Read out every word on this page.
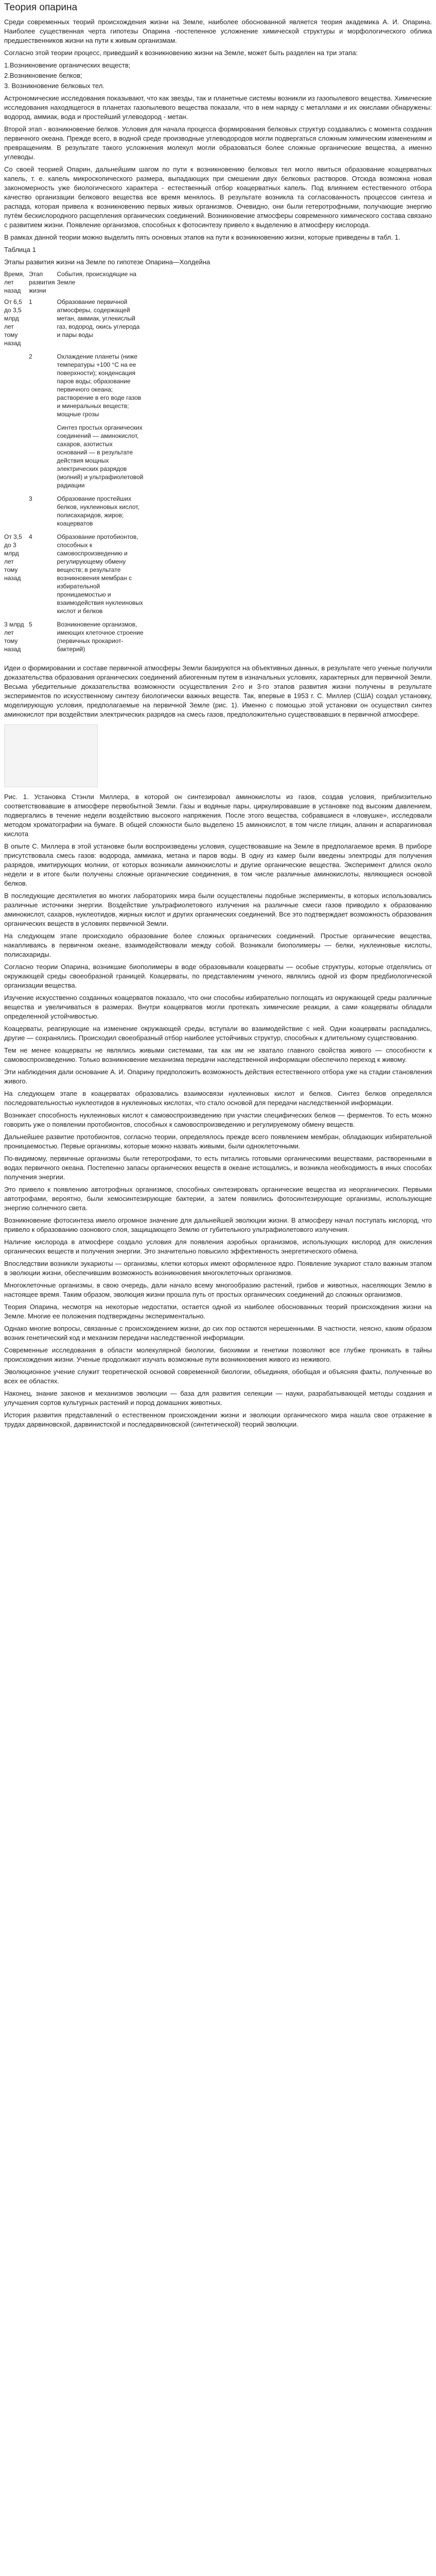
Теория опарина

Среди современных теорий происхождения жизни на Земле, наиболее обоснованной является теория академика А. И. Опарина. Наиболее существенная черта гипотезы Опарина -постепенное усложнение химической структуры и морфологического облика предшественников жизни на пути к живым организмам.

Согласно этой теории процесс, приведший к возникновению жизни на Земле, может быть разделен на три этапа:

1.Возникновение органических веществ;
2.Возникновение белков;
3. Возникновение белковых тел.

Астрономические исследования показывают, что как звезды, так и планетные системы возникли из газопылевого вещества. Химические исследования находящегося в планетах газопылевого вещества показали, что в нем наряду с металлами и их окислами обнаружены: водород, аммиак, вода и простейший углеводород - метан.

Второй этап - возникновение белков. Условия для начала процесса формирования белковых структур создавались с момента создания первичного океана. Прежде всего, в водной среде производные углеводородов могли подвергаться сложным химическим изменениям и превращениям. В результате такого усложнения молекул могли образоваться более сложные органические вещества, а именно углеводы.

Со своей теорией Опарин, дальнейшим шагом по пути к возникновению белковых тел могло явиться образование коацерватных капель, т. е. капель микроскопического размера, выпадающих при смешении двух белковых растворов. Отсюда возможна новая закономерность уже биологического характера - естественный отбор коацерватных капель. Под влиянием естественного отбора качество организации белкового вещества все время менялось. В результате возникла та согласованность процессов синтеза и распада, которая привела к возникновению первых живых организмов. Очевидно, они были гетеротрофными, получающие энергию путём бескислородного расщепления органических соединений. Возникновение атмосферы современного химического состава связано с развитием жизни. Появление организмов, способных к фотосинтезу привело к выделению в атмосферу кислорода.

В рамках данной теории можно выделить пять основных этапов на пути к возникновению жизни, которые приведены в табл. 1.

Таблица 1

Этапы развития жизни на Земле по гипотезе Опарина—Холдейна

Время, лет назад	Этап развития жизни	События, происходящие на Земле
От 6,5 до 3,5 млрд лет тому назад	1	Образование первичной атмосферы, содержащей метан, аммиак, углекислый газ, водород, окись углерода и пары воды
	2	Охлаждение планеты (ниже температуры +100 °С на ее поверхности); конденсация паров воды; образование первичного океана; растворение в его воде газов и минеральных веществ; мощные грозы
		Синтез простых органических соединений — аминокислот, сахаров, азотистых оснований — в результате действия мощных электрических разрядов (молний) и ультрафиолетовой радиации
	3	Образование простейших белков, нуклеиновых кислот, полисахаридов, жиров; коацерватов
От 3,5 до 3 млрд лет тому назад	4	Образование протобионтов, способных к самовоспроизведению и регулирующему обмену веществ; в результате возникновения мембран с избирательной проницаемостью и взаимодействия нуклеиновых кислот и белков
3 млрд лет тому назад	5	Возникновение организмов, имеющих клеточное строение (первичных прокариот-бактерий)

Идеи о формировании и составе первичной атмосферы Земли базируются на объективных данных, в результате чего ученые получили доказательства образования органических соединений абиогенным путем в изначальных условиях, характерных для первичной Земли. Весьма убедительные доказательства возможности осуществления 2-го и 3-го этапов развития жизни получены в результате экспериментов по искусственному синтезу биологически важных веществ. Так, впервые в 1953 г. С. Миллер (США) создал установку, моделирующую условия, предполагаемые на первичной Земле (рис. 1). Именно с помощью этой установки он осуществил синтез аминокислот при воздействии электрических разрядов на смесь газов, предположительно существовавших в первичной атмосфере.

Рис. 1. Установка Стэнли Миллера, в которой он синтезировал аминокислоты из газов, создав условия, приблизительно соответствовавшие в атмосфере первобытной Земли. Газы и водяные пары, циркулировавшие в установке под высоким давлением, подвергались в течение недели воздействию высокого напряжения. После этого вещества, собравшиеся в «ловушке», исследовали методом хроматографии на бумаге. В общей сложности было выделено 15 аминокислот, в том числе глицин, аланин и аспарагиновая кислота

В опыте С. Миллера в этой установке были воспроизведены условия, существовавшие на Земле в предполагаемое время. В приборе присутствовала смесь газов: водорода, аммиака, метана и паров воды. В одну из камер были введены электроды для получения разрядов, имитирующих молнии, от которых возникали аминокислоты и другие органические вещества. Эксперимент длился около недели и в итоге были получены сложные органические соединения, в том числе различные аминокислоты, являющиеся основой белков.

В последующие десятилетия во многих лабораториях мира были осуществлены подобные эксперименты, в которых использовались различные источники энергии. Воздействие ультрафиолетового излучения на различные смеси газов приводило к образованию аминокислот, сахаров, нуклеотидов, жирных кислот и других органических соединений. Все это подтверждает возможность образования органических веществ в условиях первичной Земли.

На следующем этапе происходило образование более сложных органических соединений. Простые органические вещества, накапливаясь в первичном океане, взаимодействовали между собой. Возникали биополимеры — белки, нуклеиновые кислоты, полисахариды.

Согласно теории Опарина, возникшие биополимеры в воде образовывали коацерваты — особые структуры, которые отделялись от окружающей среды своеобразной границей. Коацерваты, по представлениям ученого, являлись одной из форм предбиологической организации вещества.

Изучение искусственно созданных коацерватов показало, что они способны избирательно поглощать из окружающей среды различные вещества и увеличиваться в размерах. Внутри коацерватов могли протекать химические реакции, а сами коацерваты обладали определенной устойчивостью.

Коацерваты, реагирующие на изменение окружающей среды, вступали во взаимодействие с ней. Одни коацерваты распадались, другие — сохранялись. Происходил своеобразный отбор наиболее устойчивых структур, способных к длительному существованию.

Тем не менее коацерваты не являлись живыми системами, так как им не хватало главного свойства живого — способности к самовоспроизведению. Только возникновение механизма передачи наследственной информации обеспечило переход к живому.

Эти наблюдения дали основание А. И. Опарину предположить возможность действия естественного отбора уже на стадии становления живого.

На следующем этапе в коацерватах образовались взаимосвязи нуклеиновых кислот и белков. Синтез белков определялся последовательностью нуклеотидов в нуклеиновых кислотах, что стало основой для передачи наследственной информации.

Возникает способность нуклеиновых кислот к самовоспроизведению при участии специфических белков — ферментов. То есть можно говорить уже о появлении протобионтов, способных к самовоспроизведению и регулируемому обмену веществ.

Дальнейшее развитие протобионтов, согласно теории, определялось прежде всего появлением мембран, обладающих избирательной проницаемостью. Первые организмы, которые можно назвать живыми, были одноклеточными.

По-видимому, первичные организмы были гетеротрофами, то есть питались готовыми органическими веществами, растворенными в водах первичного океана. Постепенно запасы органических веществ в океане истощались, и возникла необходимость в иных способах получения энергии.

Это привело к появлению автотрофных организмов, способных синтезировать органические вещества из неорганических. Первыми автотрофами, вероятно, были хемосинтезирующие бактерии, а затем появились фотосинтезирующие организмы, использующие энергию солнечного света.

Возникновение фотосинтеза имело огромное значение для дальнейшей эволюции жизни. В атмосферу начал поступать кислород, что привело к образованию озонового слоя, защищающего Землю от губительного ультрафиолетового излучения.

Наличие кислорода в атмосфере создало условия для появления аэробных организмов, использующих кислород для окисления органических веществ и получения энергии. Это значительно повысило эффективность энергетического обмена.

Впоследствии возникли эукариоты — организмы, клетки которых имеют оформленное ядро. Появление эукариот стало важным этапом в эволюции жизни, обеспечившим возможность возникновения многоклеточных организмов.

Многоклеточные организмы, в свою очередь, дали начало всему многообразию растений, грибов и животных, населяющих Землю в настоящее время. Таким образом, эволюция жизни прошла путь от простых органических соединений до сложных организмов.

Теория Опарина, несмотря на некоторые недостатки, остается одной из наиболее обоснованных теорий происхождения жизни на Земле. Многие ее положения подтверждены экспериментально.

Однако многие вопросы, связанные с происхождением жизни, до сих пор остаются нерешенными. В частности, неясно, каким образом возник генетический код и механизм передачи наследственной информации.

Современные исследования в области молекулярной биологии, биохимии и генетики позволяют все глубже проникать в тайны происхождения жизни. Ученые продолжают изучать возможные пути возникновения живого из неживого.

Эволюционное учение служит теоретической основой современной биологии, объединяя, обобщая и объясняя факты, полученные во всех ее областях.

Наконец, знание законов и механизмов эволюции — база для развития селекции — науки, разрабатывающей методы создания и улучшения сортов культурных растений и пород домашних животных.

История развития представлений о естественном происхождении жизни и эволюции органического мира нашла свое отражение в трудах дарвиновской, дарвинистской и последарвиновской (синтетической) теорий эволюции.
